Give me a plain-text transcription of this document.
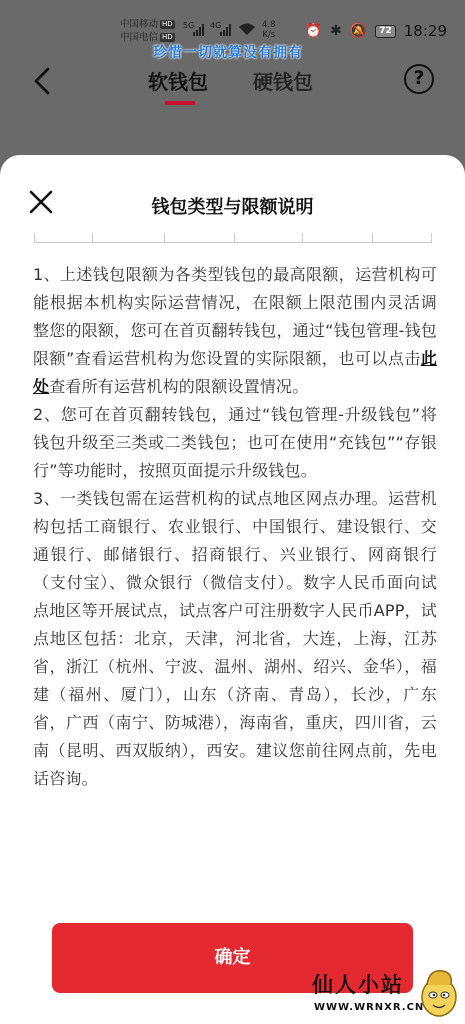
中国移动 HD
中国电信 HD
5G 4G	4.8
K/s ⏰ ✱ 🔕	72 18:29
珍惜一切就算没有拥有
软钱包 硬钱包	?
钱包类型与限额说明

1、上述钱包限额为各类型钱包的最高限额，运营机构可能根据本机构实际运营情况，在限额上限范围内灵活调整您的限额，您可在首页翻转钱包，通过“钱包管理-钱包限额”查看运营机构为您设置的实际限额，也可以点击此处查看所有运营机构的限额设置情况。

2、您可在首页翻转钱包，通过“钱包管理-升级钱包”将钱包升级至三类或二类钱包；也可在使用“充钱包”“存银行”等功能时，按照页面提示升级钱包。

3、一类钱包需在运营机构的试点地区网点办理。运营机构包括工商银行、农业银行、中国银行、建设银行、交通银行、邮储银行、招商银行、兴业银行、网商银行（支付宝）、微众银行（微信支付）。数字人民币面向试点地区等开展试点，试点客户可注册数字人民币APP，试点地区包括：北京，天津，河北省，大连，上海，江苏省，浙江（杭州、宁波、温州、湖州、绍兴、金华），福建（福州、厦门），山东（济南、青岛），长沙，广东省，广西（南宁、防城港），海南省，重庆，四川省，云南（昆明、西双版纳），西安。建议您前往网点前，先电话咨询。

确定
仙人小站
WWW.WRNXR.CN
